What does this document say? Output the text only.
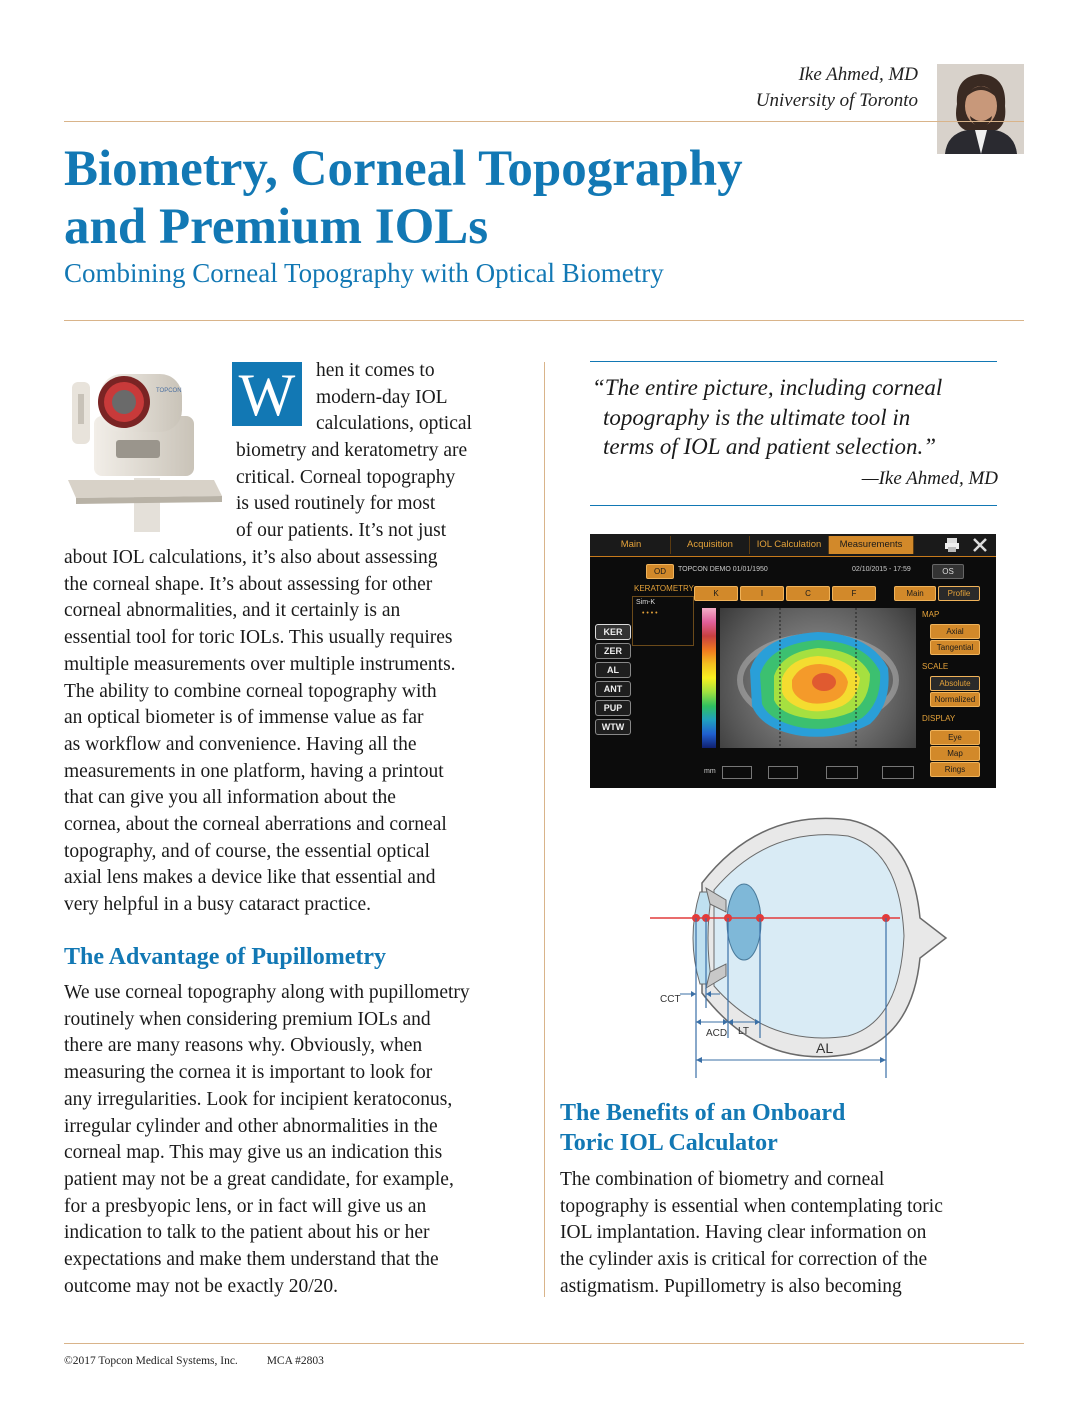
Ike Ahmed, MD
University of Toronto
Biometry, Corneal Topography
and Premium IOLs
Combining Corneal Topography with Optical Biometry
TOPCON W	hen it comes to
modern-day IOL
calculations, optical
biometry and keratometry are
critical. Corneal topography
is used routinely for most
of our patients. It’s not just
about IOL calculations, it’s also about assessing
the corneal shape. It’s about assessing for other
corneal abnormalities, and it certainly is an
essential tool for toric IOLs. This usually requires
multiple measurements over multiple instruments.
The ability to combine corneal topography with
an optical biometer is of immense value as far
as workflow and convenience. Having all the
measurements in one platform, having a printout
that can give you all information about the
cornea, about the corneal aberrations and corneal
topography, and of course, the essential optical
axial lens makes a device like that essential and
very helpful in a busy cataract practice.
The Advantage of Pupillometry
We use corneal topography along with pupillometry
routinely when considering premium IOLs and
there are many reasons why. Obviously, when
measuring the cornea it is important to look for
any irregularities. Look for incipient keratoconus,
irregular cylinder and other abnormalities in the
corneal map. This may give us an indication this
patient may not be a great candidate, for example,
for a presbyopic lens, or in fact will give us an
indication to talk to the patient about his or her
expectations and make them understand that the
outcome may not be exactly 20/20.
“The entire picture, including corneal
topography is the ultimate tool in
terms of IOL and patient selection.”
—Ike Ahmed, MD
Main	Acquisition	IOL Calculation	Measurements
OD	TOPCON DEMO 01/01/1950	02/10/2015 - 17:59	OS
KERATOMETRY
Sim-K
• • • •
K	I	C	F	Main	Profile
KER
ZER
AL
ANT
PUP
WTW
MAP
Axial
Tangential
SCALE
Absolute
Normalized
DISPLAY
Eye
Map
Rings
mm
CCT
ACD LT
AL
The Benefits of an Onboard
Toric IOL Calculator
The combination of biometry and corneal
topography is essential when contemplating toric
IOL implantation. Having clear information on
the cylinder axis is critical for correction of the
astigmatism. Pupillometry is also becoming
©2017 Topcon Medical Systems, Inc.	MCA #2803
